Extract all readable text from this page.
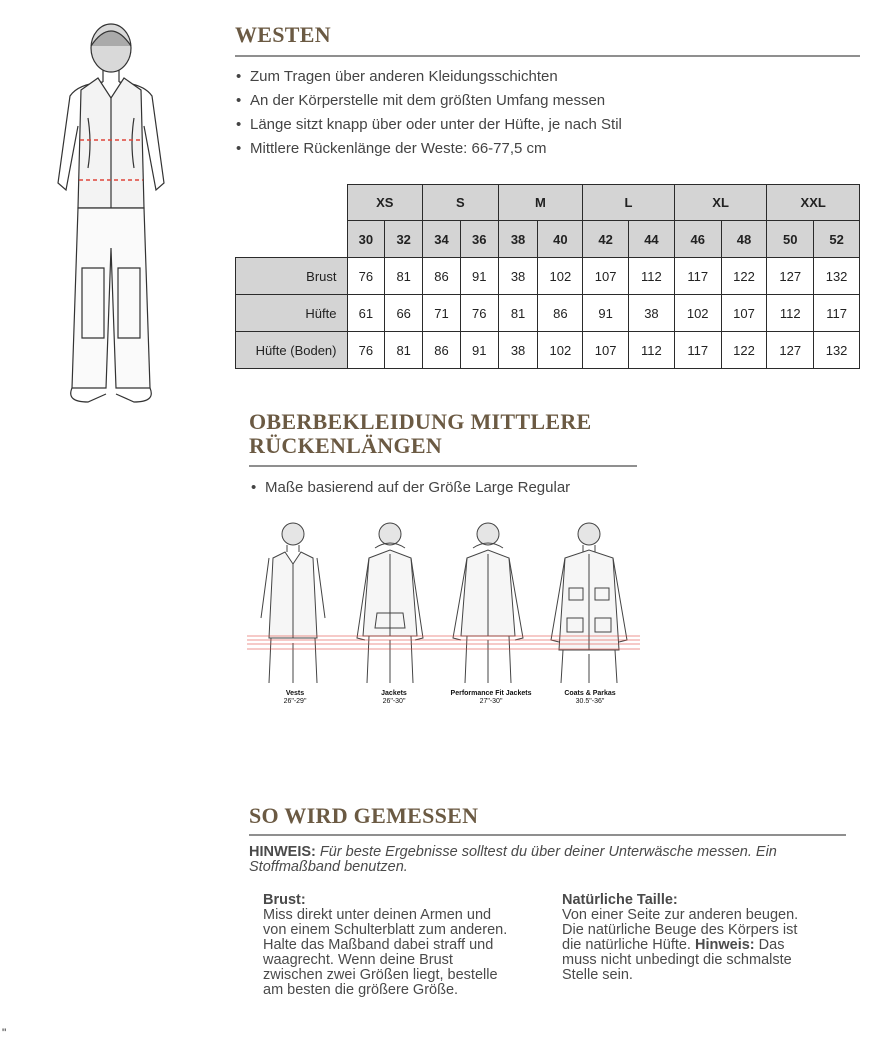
WESTEN
• Zum Tragen über anderen Kleidungsschichten
• An der Körperstelle mit dem größten Umfang messen
• Länge sitzt knapp über oder unter der Hüfte, je nach Stil
• Mittlere Rückenlänge der Weste: 66-77,5 cm
	XS		S		M		L		XL		XXL	
	30	32	34	36	38	40	42	44	46	48	50	52
Brust	76	81	86	91	38	102	107	112	117	122	127	132
Hüfte	61	66	71	76	81	86	91	38	102	107	112	117
Hüfte (Boden)	76	81	86	91	38	102	107	112	117	122	127	132
OBERBEKLEIDUNG MITTLERE
RÜCKENLÄNGEN
• Maße basierend auf der Größe Large Regular
Vests
26"-29"
Jackets
26"-30"
Performance Fit Jackets
27"-30"
Coats & Parkas
30.5"-36"
SO WIRD GEMESSEN
HINWEIS: Für beste Ergebnisse solltest du über deiner Unterwäsche messen. Ein Stoffmaßband benutzen.
Brust:
Miss direkt unter deinen Armen und
von einem Schulterblatt zum anderen.
Halte das Maßband dabei straff und
waagrecht. Wenn deine Brust
zwischen zwei Größen liegt, bestelle
am besten die größere Größe.
Natürliche Taille:
Von einer Seite zur anderen beugen.
Die natürliche Beuge des Körpers ist
die natürliche Hüfte. Hinweis: Das
muss nicht unbedingt die schmalste
Stelle sein.
"
